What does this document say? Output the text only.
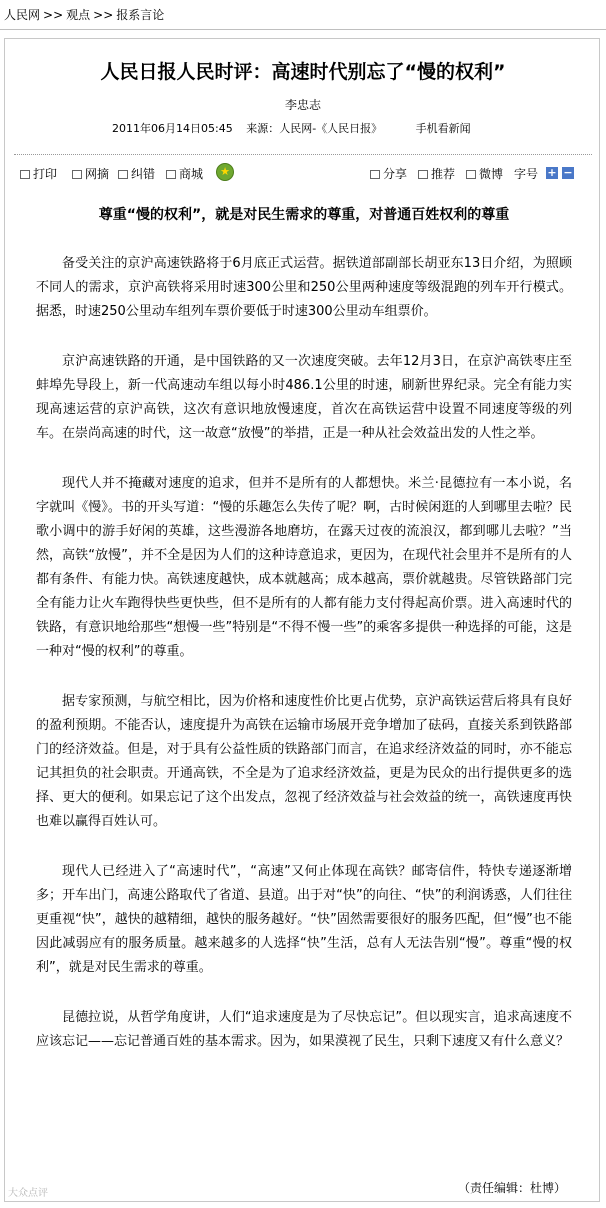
人民网 >> 观点 >> 报系言论
人民日报人民时评：高速时代别忘了“慢的权利”
李忠志
2011年06月14日05:45 来源：人民网-《人民日报》	手机看新闻
打印	网摘	纠错	商城	★	分享	推荐	微博 字号 + −
尊重“慢的权利”，就是对民生需求的尊重，对普通百姓权利的尊重

备受关注的京沪高速铁路将于6月底正式运营。据铁道部副部长胡亚东13日介绍，为照顾不同人的需求，京沪高铁将采用时速300公里和250公里两种速度等级混跑的列车开行模式。据悉，时速250公里动车组列车票价要低于时速300公里动车组票价。

京沪高速铁路的开通，是中国铁路的又一次速度突破。去年12月3日，在京沪高铁枣庄至蚌埠先导段上，新一代高速动车组以每小时486.1公里的时速，刷新世界纪录。完全有能力实现高速运营的京沪高铁，这次有意识地放慢速度，首次在高铁运营中设置不同速度等级的列车。在崇尚高速的时代，这一故意“放慢”的举措，正是一种从社会效益出发的人性之举。

现代人并不掩藏对速度的追求，但并不是所有的人都想快。米兰·昆德拉有一本小说，名字就叫《慢》。书的开头写道：“慢的乐趣怎么失传了呢？啊，古时候闲逛的人到哪里去啦？民歌小调中的游手好闲的英雄，这些漫游各地磨坊，在露天过夜的流浪汉，都到哪儿去啦？”当然，高铁“放慢”，并不全是因为人们的这种诗意追求，更因为，在现代社会里并不是所有的人都有条件、有能力快。高铁速度越快，成本就越高；成本越高，票价就越贵。尽管铁路部门完全有能力让火车跑得快些更快些，但不是所有的人都有能力支付得起高价票。进入高速时代的铁路，有意识地给那些“想慢一些”特别是“不得不慢一些”的乘客多提供一种选择的可能，这是一种对“慢的权利”的尊重。

据专家预测，与航空相比，因为价格和速度性价比更占优势，京沪高铁运营后将具有良好的盈利预期。不能否认，速度提升为高铁在运输市场展开竞争增加了砝码，直接关系到铁路部门的经济效益。但是，对于具有公益性质的铁路部门而言，在追求经济效益的同时，亦不能忘记其担负的社会职责。开通高铁，不全是为了追求经济效益，更是为民众的出行提供更多的选择、更大的便利。如果忘记了这个出发点，忽视了经济效益与社会效益的统一，高铁速度再快也难以赢得百姓认可。

现代人已经进入了“高速时代”，“高速”又何止体现在高铁？邮寄信件，特快专递逐渐增多；开车出门，高速公路取代了省道、县道。出于对“快”的向往、“快”的利润诱惑，人们往往更重视“快”，越快的越精细，越快的服务越好。“快”固然需要很好的服务匹配，但“慢”也不能因此减弱应有的服务质量。越来越多的人选择“快”生活，总有人无法告别“慢”。尊重“慢的权利”，就是对民生需求的尊重。

昆德拉说，从哲学角度讲，人们“追求速度是为了尽快忘记”。但以现实言，追求高速度不应该忘记——忘记普通百姓的基本需求。因为，如果漠视了民生，只剩下速度又有什么意义？

（责任编辑：杜博）
大众点评
